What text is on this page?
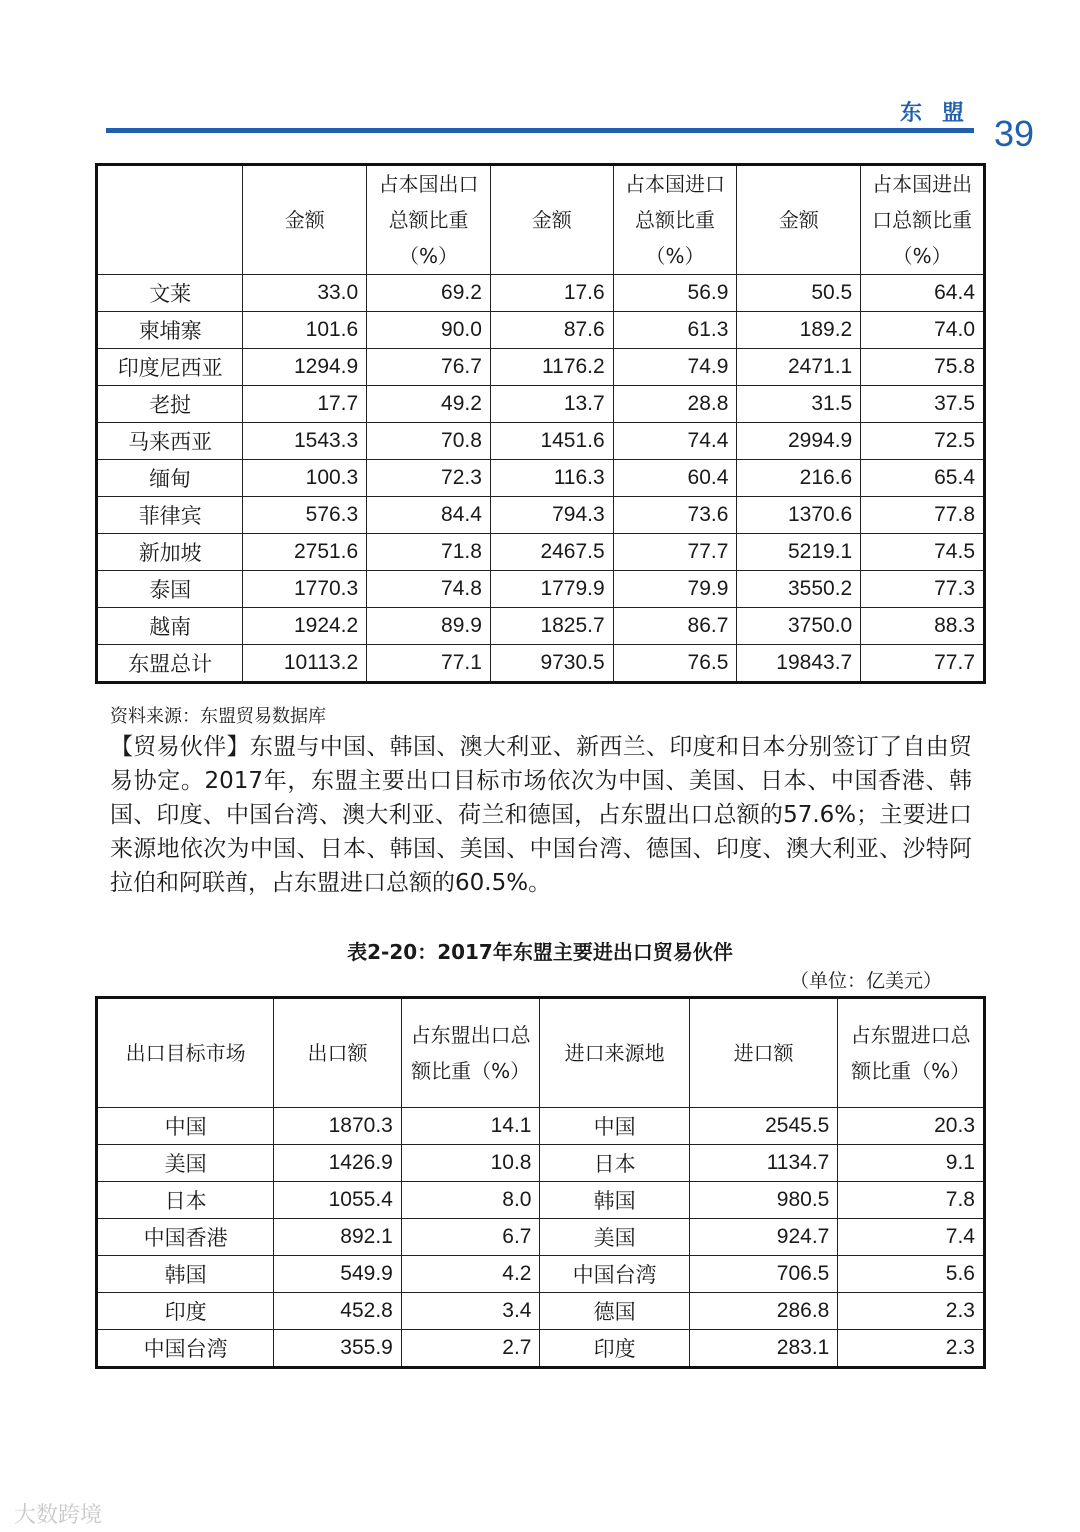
东盟 39
	金额	占本国出口总额比重（%）	金额	占本国进口总额比重（%）	金额	占本国进出口总额比重（%）
文莱	33.0	69.2	17.6	56.9	50.5	64.4
柬埔寨	101.6	90.0	87.6	61.3	189.2	74.0
印度尼西亚	1294.9	76.7	1176.2	74.9	2471.1	75.8
老挝	17.7	49.2	13.7	28.8	31.5	37.5
马来西亚	1543.3	70.8	1451.6	74.4	2994.9	72.5
缅甸	100.3	72.3	116.3	60.4	216.6	65.4
菲律宾	576.3	84.4	794.3	73.6	1370.6	77.8
新加坡	2751.6	71.8	2467.5	77.7	5219.1	74.5
泰国	1770.3	74.8	1779.9	79.9	3550.2	77.3
越南	1924.2	89.9	1825.7	86.7	3750.0	88.3
东盟总计	10113.2	77.1	9730.5	76.5	19843.7	77.7
资料来源：东盟贸易数据库

【贸易伙伴】东盟与中国、韩国、澳大利亚、新西兰、印度和日本分别签订了自由贸易协定。2017年，东盟主要出口目标市场依次为中国、美国、日本、中国香港、韩国、印度、中国台湾、澳大利亚、荷兰和德国，占东盟出口总额的57.6%；主要进口来源地依次为中国、日本、韩国、美国、中国台湾、德国、印度、澳大利亚、沙特阿拉伯和阿联酋，占东盟进口总额的60.5%。

表2-20：2017年东盟主要进出口贸易伙伴
（单位：亿美元）
出口目标市场	出口额	占东盟出口总额比重（%）	进口来源地	进口额	占东盟进口总额比重（%）
中国	1870.3	14.1	中国	2545.5	20.3
美国	1426.9	10.8	日本	1134.7	9.1
日本	1055.4	8.0	韩国	980.5	7.8
中国香港	892.1	6.7	美国	924.7	7.4
韩国	549.9	4.2	中国台湾	706.5	5.6
印度	452.8	3.4	德国	286.8	2.3
中国台湾	355.9	2.7	印度	283.1	2.3
大数跨境
